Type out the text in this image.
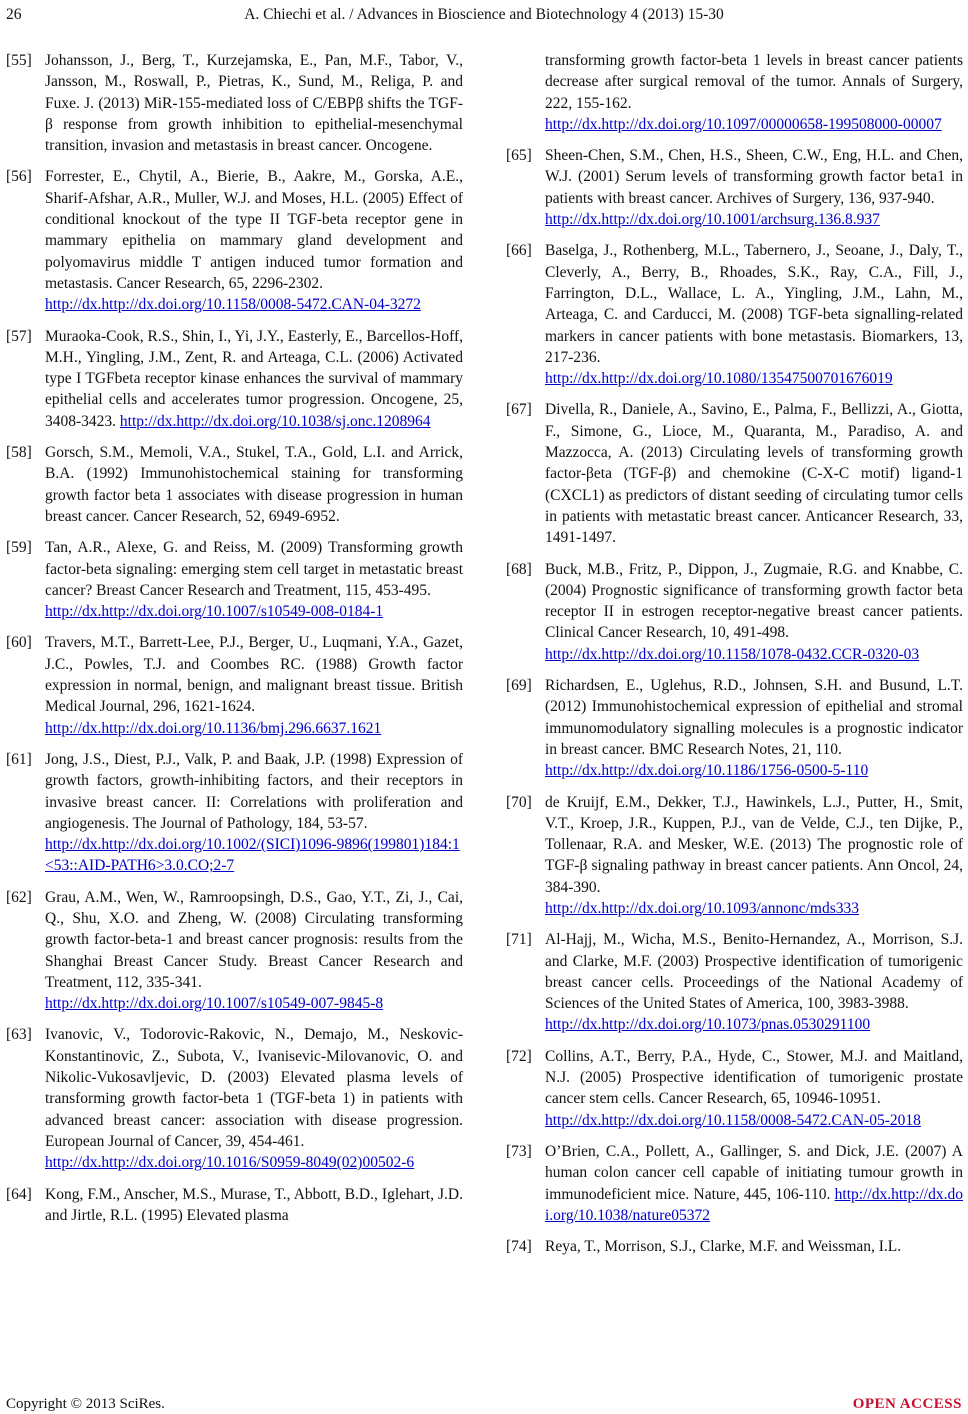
26	A. Chiechi et al. / Advances in Bioscience and Biotechnology 4 (2013) 15-30
[55] Johansson, J., Berg, T., Kurzejamska, E., Pan, M.F., Tabor, V., Jansson, M., Roswall, P., Pietras, K., Sund, M., Religa, P. and Fuxe. J. (2013) MiR-155-mediated loss of C/EBPβ shifts the TGF-β response from growth inhibition to epithelial-mesenchymal transition, invasion and metastasis in breast cancer. Oncogene.
[56] Forrester, E., Chytil, A., Bierie, B., Aakre, M., Gorska, A.E., Sharif-Afshar, A.R., Muller, W.J. and Moses, H.L. (2005) Effect of conditional knockout of the type II TGF-beta receptor gene in mammary epithelia on mammary gland development and polyomavirus middle T antigen induced tumor formation and metastasis. Cancer Research, 65, 2296-2302.
http://dx.http://dx.doi.org/10.1158/0008-5472.CAN-04-3272
[57] Muraoka-Cook, R.S., Shin, I., Yi, J.Y., Easterly, E., Barcellos-Hoff, M.H., Yingling, J.M., Zent, R. and Arteaga, C.L. (2006) Activated type I TGFbeta receptor kinase enhances the survival of mammary epithelial cells and accelerates tumor progression. Oncogene, 25, 3408-3423. http://dx.http://dx.doi.org/10.1038/sj.onc.1208964
[58] Gorsch, S.M., Memoli, V.A., Stukel, T.A., Gold, L.I. and Arrick, B.A. (1992) Immunohistochemical staining for transforming growth factor beta 1 associates with disease progression in human breast cancer. Cancer Research, 52, 6949-6952.
[59] Tan, A.R., Alexe, G. and Reiss, M. (2009) Transforming growth factor-beta signaling: emerging stem cell target in metastatic breast cancer? Breast Cancer Research and Treatment, 115, 453-495.
http://dx.http://dx.doi.org/10.1007/s10549-008-0184-1
[60] Travers, M.T., Barrett-Lee, P.J., Berger, U., Luqmani, Y.A., Gazet, J.C., Powles, T.J. and Coombes RC. (1988) Growth factor expression in normal, benign, and malignant breast tissue. British Medical Journal, 296, 1621-1624.
http://dx.http://dx.doi.org/10.1136/bmj.296.6637.1621
[61] Jong, J.S., Diest, P.J., Valk, P. and Baak, J.P. (1998) Expression of growth factors, growth-inhibiting factors, and their receptors in invasive breast cancer. II: Correlations with proliferation and angiogenesis. The Journal of Pathology, 184, 53-57.
http://dx.http://dx.doi.org/10.1002/(SICI)1096-9896(199801)184:1<53::AID-PATH6>3.0.CO;2-7
[62] Grau, A.M., Wen, W., Ramroopsingh, D.S., Gao, Y.T., Zi, J., Cai, Q., Shu, X.O. and Zheng, W. (2008) Circulating transforming growth factor-beta-1 and breast cancer prognosis: results from the Shanghai Breast Cancer Study. Breast Cancer Research and Treatment, 112, 335-341.
http://dx.http://dx.doi.org/10.1007/s10549-007-9845-8
[63] Ivanovic, V., Todorovic-Rakovic, N., Demajo, M., Neskovic-Konstantinovic, Z., Subota, V., Ivanisevic-Milovanovic, O. and Nikolic-Vukosavljevic, D. (2003) Elevated plasma levels of transforming growth factor-beta 1 (TGF-beta 1) in patients with advanced breast cancer: association with disease progression. European Journal of Cancer, 39, 454-461.
http://dx.http://dx.doi.org/10.1016/S0959-8049(02)00502-6
[64] Kong, F.M., Anscher, M.S., Murase, T., Abbott, B.D., Iglehart, J.D. and Jirtle, R.L. (1995) Elevated plasma
transforming growth factor-beta 1 levels in breast cancer patients decrease after surgical removal of the tumor. Annals of Surgery, 222, 155-162.
http://dx.http://dx.doi.org/10.1097/00000658-199508000-00007
[65] Sheen-Chen, S.M., Chen, H.S., Sheen, C.W., Eng, H.L. and Chen, W.J. (2001) Serum levels of transforming growth factor beta1 in patients with breast cancer. Archives of Surgery, 136, 937-940.
http://dx.http://dx.doi.org/10.1001/archsurg.136.8.937
[66] Baselga, J., Rothenberg, M.L., Tabernero, J., Seoane, J., Daly, T., Cleverly, A., Berry, B., Rhoades, S.K., Ray, C.A., Fill, J., Farrington, D.L., Wallace, L. A., Yingling, J.M., Lahn, M., Arteaga, C. and Carducci, M. (2008) TGF-beta signalling-related markers in cancer patients with bone metastasis. Biomarkers, 13, 217-236.
http://dx.http://dx.doi.org/10.1080/13547500701676019
[67] Divella, R., Daniele, A., Savino, E., Palma, F., Bellizzi, A., Giotta, F., Simone, G., Lioce, M., Quaranta, M., Paradiso, A. and Mazzocca, A. (2013) Circulating levels of transforming growth factor-βeta (TGF-β) and chemokine (C-X-C motif) ligand-1 (CXCL1) as predictors of distant seeding of circulating tumor cells in patients with metastatic breast cancer. Anticancer Research, 33, 1491-1497.
[68] Buck, M.B., Fritz, P., Dippon, J., Zugmaie, R.G. and Knabbe, C. (2004) Prognostic significance of transforming growth factor beta receptor II in estrogen receptor-negative breast cancer patients. Clinical Cancer Research, 10, 491-498.
http://dx.http://dx.doi.org/10.1158/1078-0432.CCR-0320-03
[69] Richardsen, E., Uglehus, R.D., Johnsen, S.H. and Busund, L.T. (2012) Immunohistochemical expression of epithelial and stromal immunomodulatory signalling molecules is a prognostic indicator in breast cancer. BMC Research Notes, 21, 110.
http://dx.http://dx.doi.org/10.1186/1756-0500-5-110
[70] de Kruijf, E.M., Dekker, T.J., Hawinkels, L.J., Putter, H., Smit, V.T., Kroep, J.R., Kuppen, P.J., van de Velde, C.J., ten Dijke, P., Tollenaar, R.A. and Mesker, W.E. (2013) The prognostic role of TGF-β signaling pathway in breast cancer patients. Ann Oncol, 24, 384-390.
http://dx.http://dx.doi.org/10.1093/annonc/mds333
[71] Al-Hajj, M., Wicha, M.S., Benito-Hernandez, A., Morrison, S.J. and Clarke, M.F. (2003) Prospective identification of tumorigenic breast cancer cells. Proceedings of the National Academy of Sciences of the United States of America, 100, 3983-3988.
http://dx.http://dx.doi.org/10.1073/pnas.0530291100
[72] Collins, A.T., Berry, P.A., Hyde, C., Stower, M.J. and Maitland, N.J. (2005) Prospective identification of tumorigenic prostate cancer stem cells. Cancer Research, 65, 10946-10951.
http://dx.http://dx.doi.org/10.1158/0008-5472.CAN-05-2018
[73] O’Brien, C.A., Pollett, A., Gallinger, S. and Dick, J.E. (2007) A human colon cancer cell capable of initiating tumour growth in immunodeficient mice. Nature, 445, 106-110. http://dx.http://dx.doi.org/10.1038/nature05372
[74] Reya, T., Morrison, S.J., Clarke, M.F. and Weissman, I.L.
Copyright © 2013 SciRes.	OPEN ACCESS
